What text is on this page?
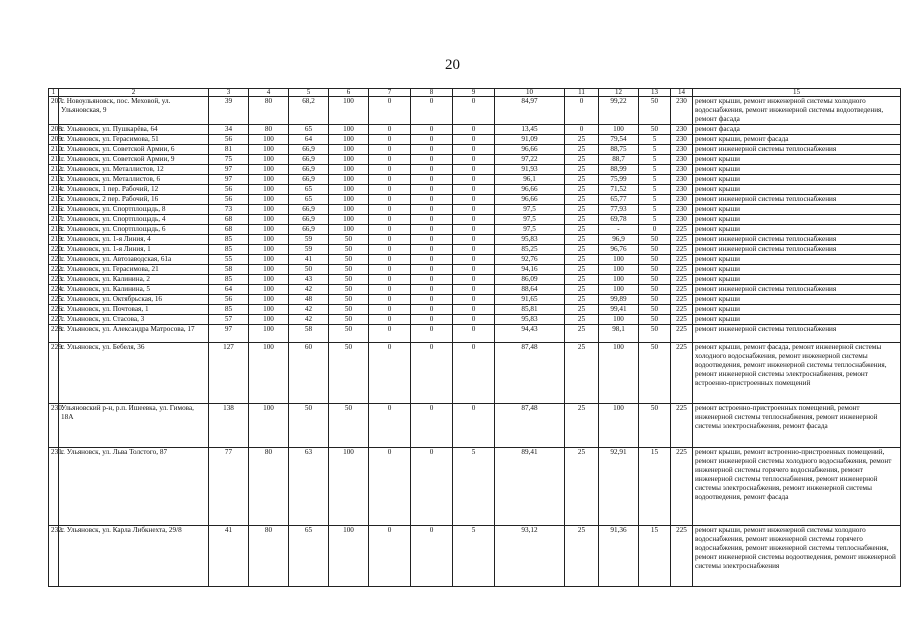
20
1	2	3	4	5	6	7	8	9	10	11	12	13	14	15
207.	г. Новоульяновск, пос. Меховой, ул. Ульяновская, 9	39	80	68,2	100	0	0	0	84,97	0	99,22	50	230	ремонт крыши, ремонт инженерной системы холодного водоснабжения, ремонт инженерной системы водоотведения, ремонт фасада
208.	г. Ульяновск, ул. Пушкарёва, 64	34	80	65	100	0	0	0	13,45	0	100	50	230	ремонт фасада
209.	г. Ульяновск, ул. Герасимова, 51	56	100	64	100	0	0	0	91,09	25	79,54	5	230	ремонт крыши, ремонт фасада
210.	г. Ульяновск, ул. Советской Армии, 6	81	100	66,9	100	0	0	0	96,66	25	88,75	5	230	ремонт инженерной системы теплоснабжения
211.	г. Ульяновск, ул. Советской Армии, 9	75	100	66,9	100	0	0	0	97,22	25	88,7	5	230	ремонт крыши
212.	г. Ульяновск, ул. Металлистов, 12	97	100	66,9	100	0	0	0	91,93	25	88,99	5	230	ремонт крыши
213.	г. Ульяновск, ул. Металлистов, 6	97	100	66,9	100	0	0	0	96,1	25	75,99	5	230	ремонт крыши
214.	г. Ульяновск, 1 пер. Рабочий, 12	56	100	65	100	0	0	0	96,66	25	71,52	5	230	ремонт крыши
215.	г. Ульяновск, 2 пер. Рабочий, 16	56	100	65	100	0	0	0	96,66	25	65,77	5	230	ремонт инженерной системы теплоснабжения
216.	г. Ульяновск, ул. Спортплощадь, 8	73	100	66,9	100	0	0	0	97,5	25	77,93	5	230	ремонт крыши
217.	г. Ульяновск, ул. Спортплощадь, 4	68	100	66,9	100	0	0	0	97,5	25	69,78	5	230	ремонт крыши
218.	г. Ульяновск, ул. Спортплощадь, 6	68	100	66,9	100	0	0	0	97,5	25	-	0	225	ремонт крыши
219.	г. Ульяновск, ул. 1-я Линия, 4	85	100	59	50	0	0	0	95,83	25	96,9	50	225	ремонт инженерной системы теплоснабжения
220.	г. Ульяновск, ул. 1-я Линия, 1	85	100	59	50	0	0	0	85,25	25	96,76	50	225	ремонт инженерной системы теплоснабжения
221.	г. Ульяновск, ул. Автозаводская, 61а	55	100	41	50	0	0	0	92,76	25	100	50	225	ремонт крыши
222.	г. Ульяновск, ул. Герасимова, 21	58	100	50	50	0	0	0	94,16	25	100	50	225	ремонт крыши
223.	г. Ульяновск, ул. Калинина, 2	85	100	43	50	0	0	0	86,09	25	100	50	225	ремонт крыши
224.	г. Ульяновск, ул. Калинина, 5	64	100	42	50	0	0	0	88,64	25	100	50	225	ремонт инженерной системы теплоснабжения
225.	г. Ульяновск, ул. Октябрьская, 16	56	100	48	50	0	0	0	91,65	25	99,89	50	225	ремонт крыши
226.	г. Ульяновск, ул. Почтовая, 1	85	100	42	50	0	0	0	85,81	25	99,41	50	225	ремонт крыши
227.	г. Ульяновск, ул. Стасова, 3	57	100	42	50	0	0	0	95,83	25	100	50	225	ремонт крыши
228.	г. Ульяновск, ул. Александра Матросова, 17	97	100	58	50	0	0	0	94,43	25	98,1	50	225	ремонт инженерной системы теплоснабжения
229.	г. Ульяновск, ул. Бебеля, 36	127	100	60	50	0	0	0	87,48	25	100	50	225	ремонт крыши, ремонт фасада, ремонт инженерной системы холодного водоснабжения, ремонт инженерной системы водоотведения, ремонт инженерной системы теплоснабжения, ремонт инженерной системы электроснабжения, ремонт встроенно-пристроенных помещений
230.	Ульяновский р-н, р.п. Ишеевка, ул. Гимова, 18А	138	100	50	50	0	0	0	87,48	25	100	50	225	ремонт встроенно-пристроенных помещений, ремонт инженерной системы теплоснабжения, ремонт инженерной системы электроснабжения, ремонт фасада
231.	г. Ульяновск, ул. Льва Толстого, 87	77	80	63	100	0	0	5	89,41	25	92,91	15	225	ремонт крыши, ремонт встроенно-пристроенных помещений, ремонт инженерной системы холодного водоснабжения, ремонт инженерной системы горячего водоснабжения, ремонт инженерной системы теплоснабжения, ремонт инженерной системы электроснабжения, ремонт инженерной системы водоотведения, ремонт фасада
232.	г. Ульяновск, ул. Карла Либкнехта, 29/8	41	80	65	100	0	0	5	93,12	25	91,36	15	225	ремонт крыши, ремонт инженерной системы холодного водоснабжения, ремонт инженерной системы горячего водоснабжения, ремонт инженерной системы теплоснабжения, ремонт инженерной системы водоотведения, ремонт инженерной системы электроснабжения
